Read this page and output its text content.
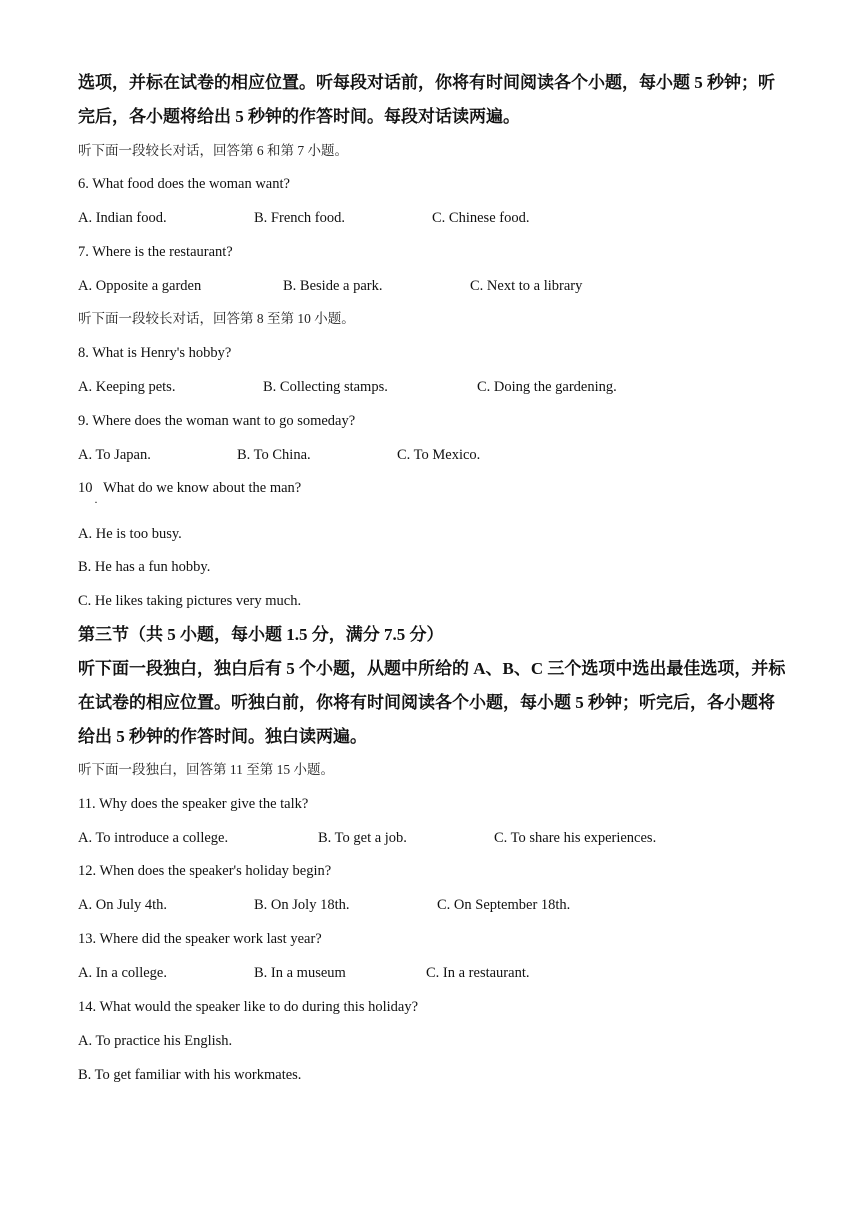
选项，并标在试卷的相应位置。听每段对话前，你将有时间阅读各个小题，每小题 5 秒钟；听
完后，各小题将给出 5 秒钟的作答时间。每段对话读两遍。
听下面一段较长对话，回答第 6 和第 7 小题。
6. What food does the woman want?
A. Indian food.	B. French food.	C. Chinese food.
7. Where is the restaurant?
A. Opposite a garden	B. Beside a park.	C. Next to a library
听下面一段较长对话，回答第 8 至第 10 小题。
8. What is Henry's hobby?
A. Keeping pets.	B. Collecting stamps.	C. Doing the gardening.
9. Where does the woman want to go someday?
A. To Japan.	B. To China.	C. To Mexico.
10   What do we know about the man?
·
A. He is too busy.
B. He has a fun hobby.
C. He likes taking pictures very much.
第三节（共 5 小题，每小题 1.5 分，满分 7.5 分）
听下面一段独白，独白后有 5 个小题，从题中所给的 A、B、C 三个选项中选出最佳选项，并标
在试卷的相应位置。听独白前，你将有时间阅读各个小题，每小题 5 秒钟；听完后，各小题将
给出 5 秒钟的作答时间。独白读两遍。
听下面一段独白，回答第 11 至第 15 小题。
11. Why does the speaker give the talk?
A. To introduce a college.	B. To get a job.	C. To share his experiences.
12. When does the speaker's holiday begin?
A. On July 4th.	B. On Joly 18th.	C. On September 18th.
13. Where did the speaker work last year?
A. In a college.	B. In a museum	C. In a restaurant.
14. What would the speaker like to do during this holiday?
A. To practice his English.
B. To get familiar with his workmates.
